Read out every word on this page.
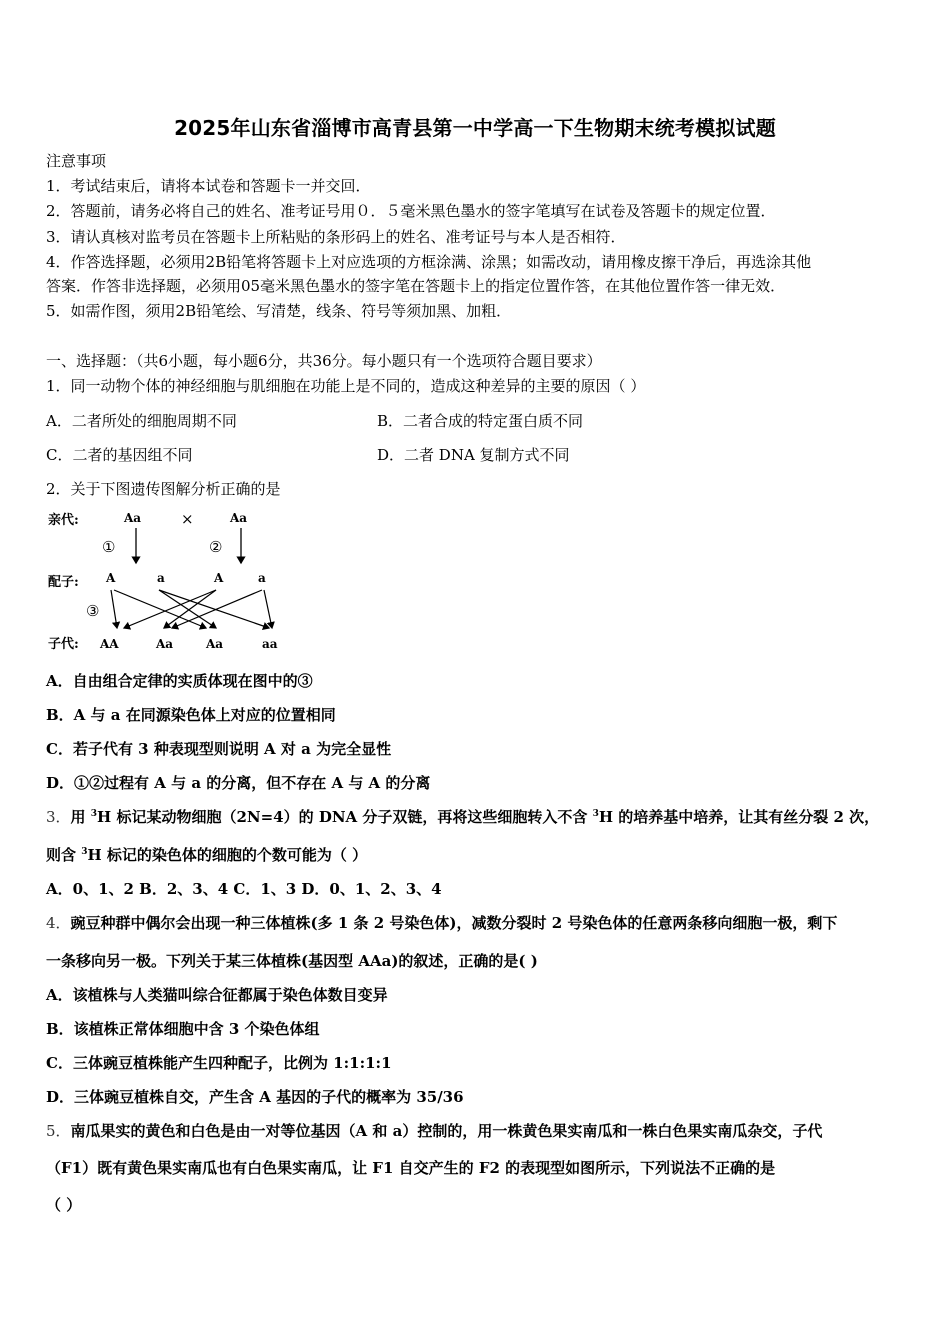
2025年山东省淄博市高青县第一中学高一下生物期末统考模拟试题
注意事项
1．考试结束后，请将本试卷和答题卡一并交回．
2．答题前，请务必将自己的姓名、准考证号用０．５毫米黑色墨水的签字笔填写在试卷及答题卡的规定位置．
3．请认真核对监考员在答题卡上所粘贴的条形码上的姓名、准考证号与本人是否相符．
4．作答选择题，必须用2B铅笔将答题卡上对应选项的方框涂满、涂黑；如需改动，请用橡皮擦干净后，再选涂其他
答案．作答非选择题，必须用05毫米黑色墨水的签字笔在答题卡上的指定位置作答，在其他位置作答一律无效．
5．如需作图，须用2B铅笔绘、写清楚，线条、符号等须加黑、加粗．
一、选择题：（共6小题，每小题6分，共36分。每小题只有一个选项符合题目要求）
1．同一动物个体的神经细胞与肌细胞在功能上是不同的，造成这种差异的主要的原因（ ）
A．二者所处的细胞周期不同	B．二者合成的特定蛋白质不同
C．二者的基因组不同	D．二者 DNA 复制方式不同
2．关于下图遗传图解分析正确的是
亲代:
配子:
子代:
Aa	×	Aa
①	②
③
A	a	A	a
AA	Aa	Aa	aa
A．自由组合定律的实质体现在图中的③
B．A 与 a 在同源染色体上对应的位置相同
C．若子代有 3 种表现型则说明 A 对 a 为完全显性
D．①②过程有 A 与 a 的分离，但不存在 A 与 A 的分离
3．用 $^3$H 标记某动物细胞（2N=4）的 DNA 分子双链，再将这些细胞转入不含 $^3$H 的培养基中培养，让其有丝分裂 2 次，
则含 $^3$H 标记的染色体的细胞的个数可能为（ ）
A．0、1、2 B．2、3、4 C．1、3 D．0、1、2、3、4
4．豌豆种群中偶尔会出现一种三体植株(多 1 条 2 号染色体)，减数分裂时 2 号染色体的任意两条移向细胞一极，剩下
一条移向另一极。下列关于某三体植株(基因型 AAa)的叙述，正确的是( )
A．该植株与人类猫叫综合征都属于染色体数目变异
B．该植株正常体细胞中含 3 个染色体组
C．三体豌豆植株能产生四种配子，比例为 1:1:1:1
D．三体豌豆植株自交，产生含 A 基因的子代的概率为 35/36
5．南瓜果实的黄色和白色是由一对等位基因（A 和 a）控制的，用一株黄色果实南瓜和一株白色果实南瓜杂交，子代
（F1）既有黄色果实南瓜也有白色果实南瓜，让 F1 自交产生的 F2 的表现型如图所示，下列说法不正确的是
（ ）
